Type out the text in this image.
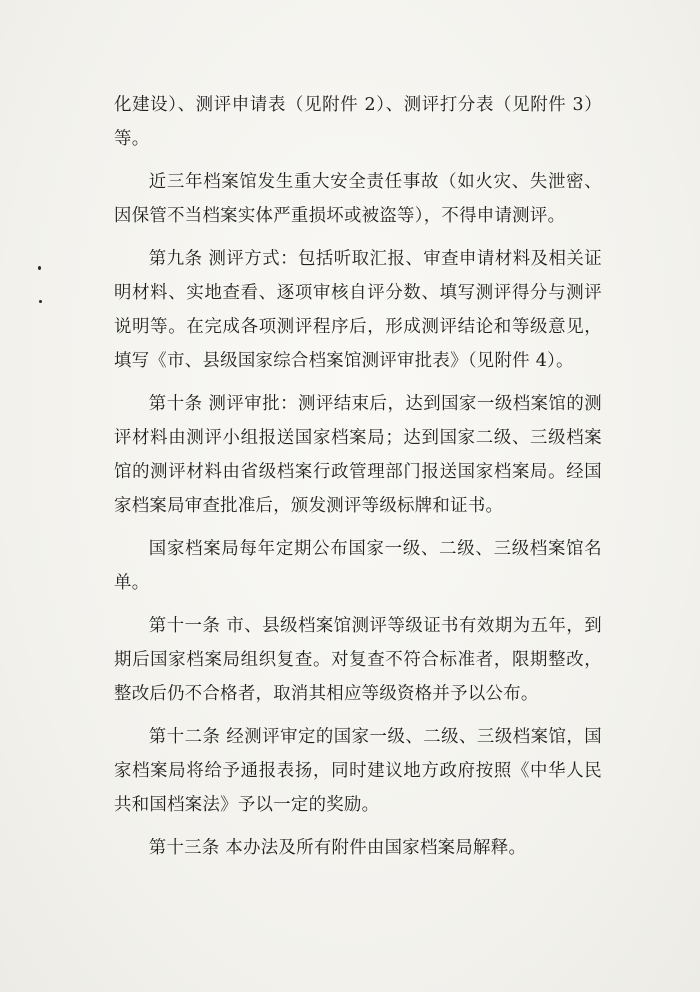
化建设）、测评申请表（见附件 2）、测评打分表（见附件 3）等。

近三年档案馆发生重大安全责任事故（如火灾、失泄密、因保管不当档案实体严重损坏或被盗等），不得申请测评。

第九条 测评方式：包括听取汇报、审查申请材料及相关证明材料、实地查看、逐项审核自评分数、填写测评得分与测评说明等。在完成各项测评程序后，形成测评结论和等级意见，填写《市、县级国家综合档案馆测评审批表》（见附件 4）。

第十条 测评审批：测评结束后，达到国家一级档案馆的测评材料由测评小组报送国家档案局；达到国家二级、三级档案馆的测评材料由省级档案行政管理部门报送国家档案局。经国家档案局审查批准后，颁发测评等级标牌和证书。

国家档案局每年定期公布国家一级、二级、三级档案馆名单。

第十一条 市、县级档案馆测评等级证书有效期为五年，到期后国家档案局组织复查。对复查不符合标准者，限期整改，整改后仍不合格者，取消其相应等级资格并予以公布。

第十二条 经测评审定的国家一级、二级、三级档案馆，国家档案局将给予通报表扬，同时建议地方政府按照《中华人民共和国档案法》予以一定的奖励。

第十三条 本办法及所有附件由国家档案局解释。
